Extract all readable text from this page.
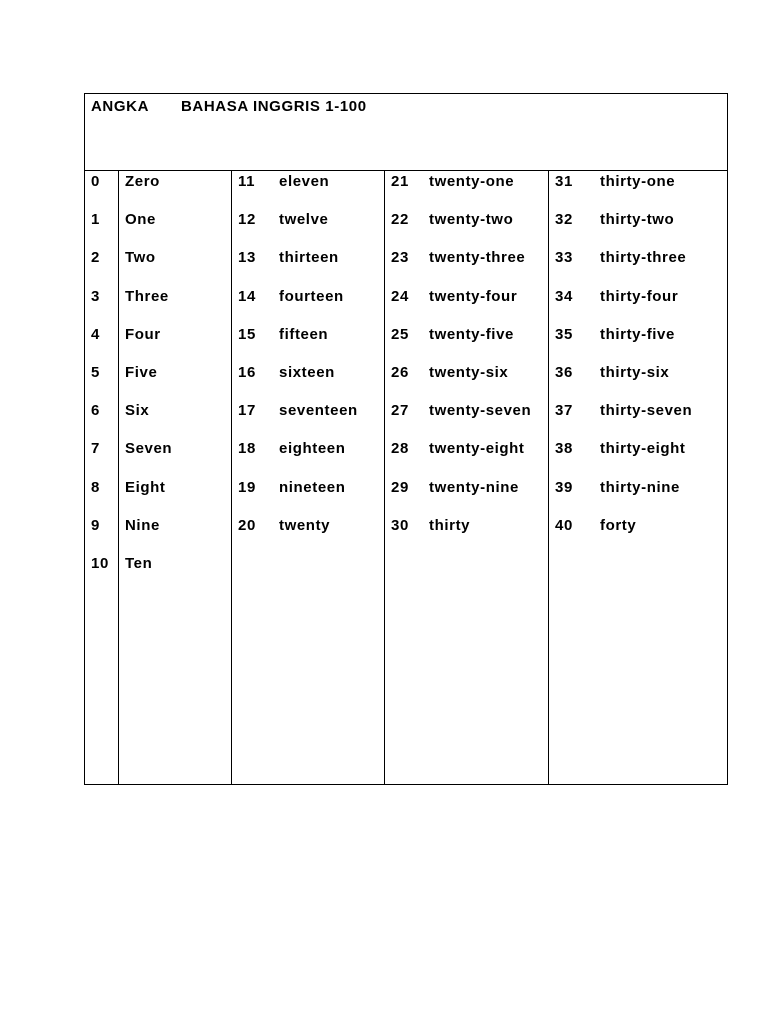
ANGKA BAHASA INGGRIS 1-100
0 Zero
1 One
2 Two
3 Three
4 Four
5 Five
6 Six
7 Seven
8 Eight
9 Nine
10 Ten
11 eleven
12 twelve
13 thirteen
14 fourteen
15 fifteen
16 sixteen
17 seventeen
18 eighteen
19 nineteen
20 twenty
21 twenty-one
22 twenty-two
23 twenty-three
24 twenty-four
25 twenty-five
26 twenty-six
27 twenty-seven
28 twenty-eight
29 twenty-nine
30 thirty
31 thirty-one
32 thirty-two
33 thirty-three
34 thirty-four
35 thirty-five
36 thirty-six
37 thirty-seven
38 thirty-eight
39 thirty-nine
40 forty
